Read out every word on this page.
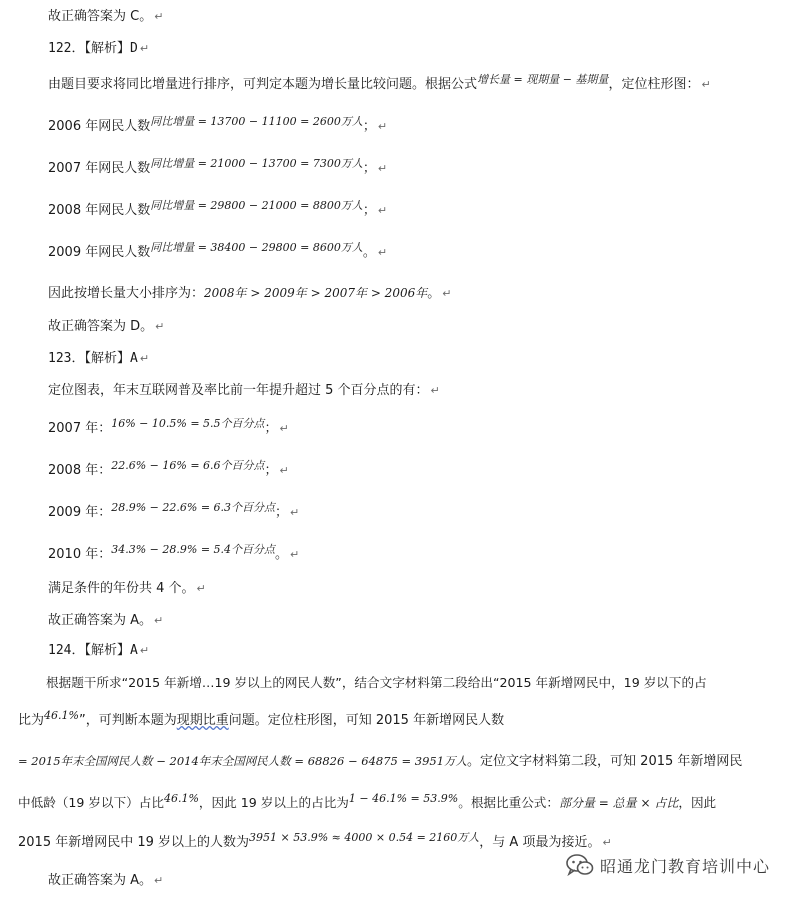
故正确答案为 C。 ↵
122．【解析】D ↵
由题目要求将同比增量进行排序，可判定本题为增长量比较问题。根据公式$^{增长量 = 现期量 - 基期量}$，定位柱形图： ↵
2006 年网民人数$^{同比增量 = 13700 - 11100 = 2600万人}$； ↵
2007 年网民人数$^{同比增量 = 21000 - 13700 = 7300万人}$； ↵
2008 年网民人数$^{同比增量 = 29800 - 21000 = 8800万人}$； ↵
2009 年网民人数$^{同比增量 = 38400 - 29800 = 8600万人}$。 ↵
因此按增长量大小排序为：2008年 > 2009年 > 2007年 > 2006年。 ↵
故正确答案为 D。 ↵
123．【解析】A ↵
定位图表，年末互联网普及率比前一年提升超过 5 个百分点的有： ↵
2007 年：$^{16\% - 10.5\% = 5.5个百分点}$； ↵
2008 年：$^{22.6\% - 16\% = 6.6个百分点}$； ↵
2009 年：$^{28.9\% - 22.6\% = 6.3个百分点}$； ↵
2010 年：$^{34.3\% - 28.9\% = 5.4个百分点}$。 ↵
满足条件的年份共 4 个。 ↵
故正确答案为 A。 ↵
124．【解析】A ↵
根据题干所求“2015 年新增…19 岁以上的网民人数”，结合文字材料第二段给出“2015 年新增网民中，19 岁以下的占
比为$^{46.1\%}$”，可判断本题为现期比重问题。定位柱形图，可知 2015 年新增网民人数
= 2015年末全国网民人数 − 2014年末全国网民人数 = 68826 − 64875 = 3951万人。定位文字材料第二段，可知 2015 年新增网民
中低龄（19 岁以下）占比46.1%，因此 19 岁以上的占比为1 − 46.1% = 53.9%。根据比重公式：部分量 = 总量 × 占比，因此
2015 年新增网民中 19 岁以上的人数为$^{3951 \times 53.9\% \approx 4000 \times 0.54 = 2160万人}$，与 A 项最为接近。 ↵
故正确答案为 A。 ↵
昭通龙门教育培训中心
